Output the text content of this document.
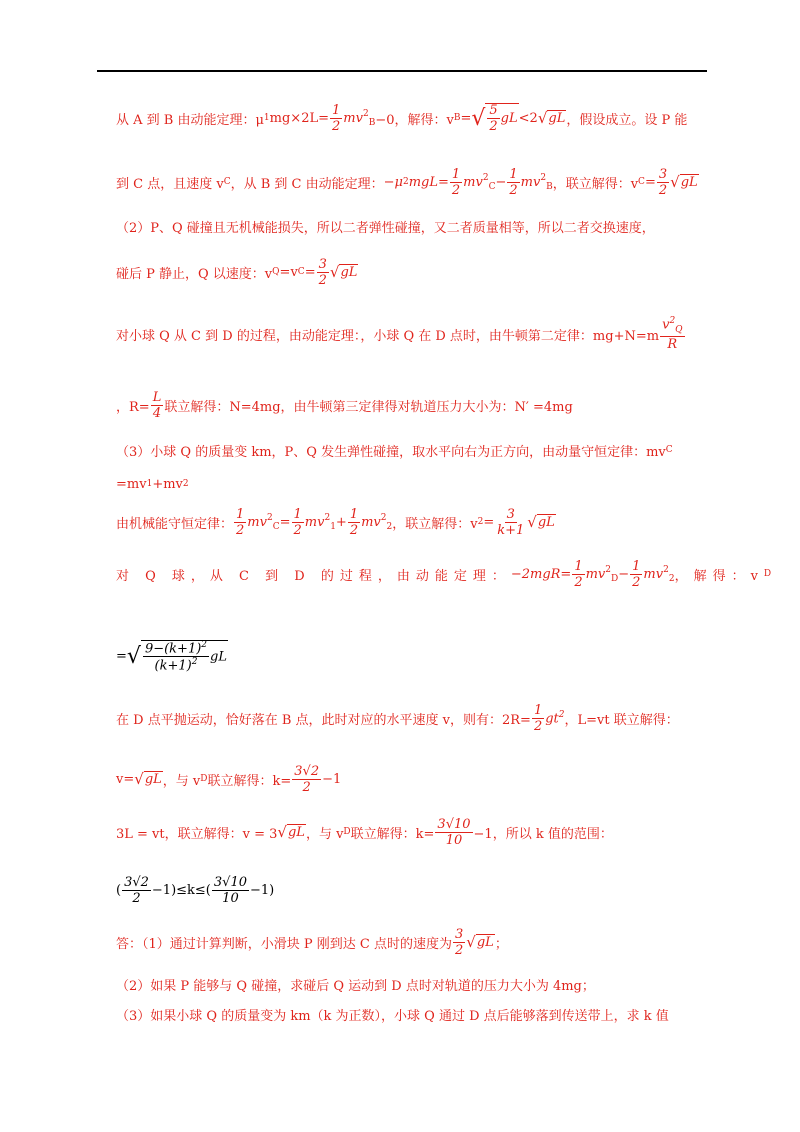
从 A 到 B 由动能定理：μ 1 $mg\times 2L= \frac{1}{2}$ mv $^2_B$ −0，解得：v B = √ $\frac{5}{2}$ gL <2 √ gL ，假设成立。设 P 能
到 C 点，且速度 v C ，从 B 到 C 由动能定理： −μ 2 $mgL= \frac{1}{2}$ mv $^2_C - \frac{1}{2}$ mv $^2_B$ ，联立解得：v $C = \frac{3}{2}$ √ gL
（2）P、Q 碰撞且无机械能损失，所以二者弹性碰撞，又二者质量相等，所以二者交换速度，
碰后 P 静止，Q 以速度：v Q =v $C = \frac{3}{2}$ √ gL
对小球 Q 从 C 到 D 的过程，由动能定理：，小球 Q 在 D 点时，由牛顿第二定律：$mg+N=m \frac{v^2_Q}{R}$
，$R= \frac{L}{4}$ 联立解得：N=4mg，由牛顿第三定律得对轨道压力大小为：N′ =4mg
（3）小球 Q 的质量变 km，P、Q 发生弹性碰撞，取水平向右为正方向，由动量守恒定律：mv C
=mv 1 +mv 2
由机械能守恒定律： $\frac{1}{2}$ mv $^2_C = \frac{1}{2}$ mv $^2_1 + \frac{1}{2}$ mv $^2_2$ ，联立解得：v $2 = \frac{3}{k+1}$ √ gL
对 Q 球，从 C 到 D 的过程，由动能定理： $-2mgR= \frac{1}{2}$ mv $^2_D - \frac{1}{2}$ mv $^2_2$ ，解得：v D
= √ $\frac{9-(k+1)^2}{(k+1)^2}$ gL
在 D 点平抛运动，恰好落在 B 点，此时对应的水平速度 v，则有：$2R= \frac{1}{2} gt^2$ ，L=vt 联立解得：
v= √ gL ，与 v D 联立解得：$k= \frac{3√2}{2} -1$
3L = vt，联立解得：v = 3 √ gL ，与 v D 联立解得：$k= \frac{3√10}{10} -1$，所以 k 值的范围：
( $\frac{3√2}{2} -1)\le k\le( \frac{3√10}{10} -1)$
答：（1）通过计算判断，小滑块 P 刚到达 C 点时的速度为 $\frac{3}{2}$ √ gL ；
（2）如果 P 能够与 Q 碰撞，求碰后 Q 运动到 D 点时对轨道的压力大小为 4mg；
（3）如果小球 Q 的质量变为 km（k 为正数），小球 Q 通过 D 点后能够落到传送带上，求 k 值
